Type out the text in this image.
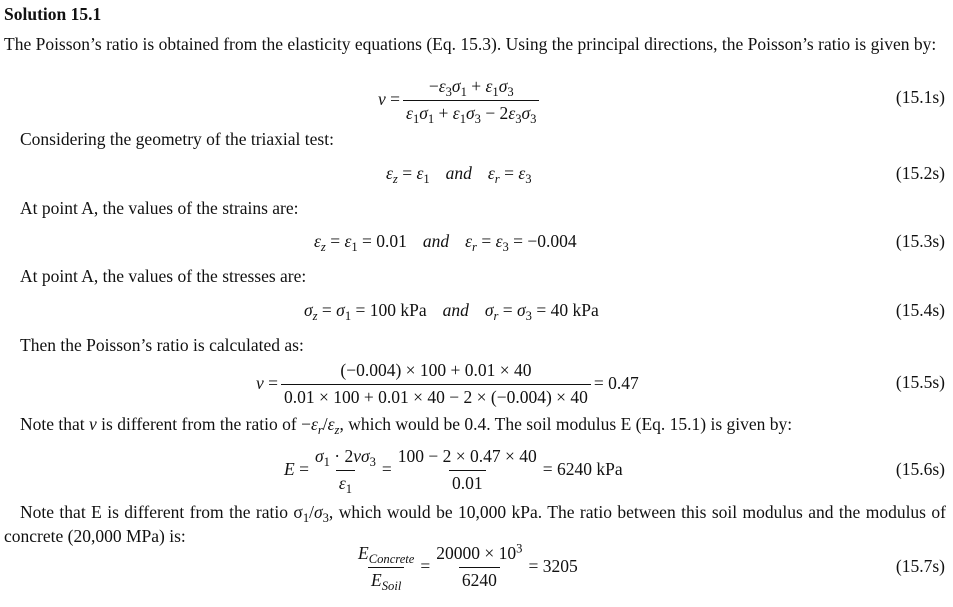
Solution 15.1
The Poisson’s ratio is obtained from the elasticity equations (Eq. 15.3). Using the principal directions, the Poisson’s ratio is given by:
$v = \frac{-\varepsilon_3\sigma_1 + \varepsilon_1\sigma_3}{\varepsilon_1\sigma_1 + \varepsilon_1\sigma_3 - 2\varepsilon_3\sigma_3}$	(15.1s)
Considering the geometry of the triaxial test:
$\varepsilon_z = \varepsilon_1$ and $\varepsilon_r = \varepsilon_3$	(15.2s)
At point A, the values of the strains are:
$\varepsilon_z = \varepsilon_1 = 0.01$ and $\varepsilon_r = \varepsilon_3 = -0.004$	(15.3s)
At point A, the values of the stresses are:
$\sigma_z = \sigma_1 = 100$ kPa and $\sigma_r = \sigma_3 = 40$ kPa	(15.4s)
Then the Poisson’s ratio is calculated as:
$v = \frac{(-0.004) \times 100 + 0.01 \times 40}{0.01 \times 100 + 0.01 \times 40 - 2 \times (-0.004) \times 40} = 0.47$	(15.5s)
Note that v is different from the ratio of $-\varepsilon_r/\varepsilon_z$, which would be 0.4. The soil modulus E (Eq. 15.1) is given by:
$E = \frac{\sigma_1 \cdot 2v\sigma_3}{\varepsilon_1} = \frac{100 - 2 \times 0.47 \times 40}{0.01} = 6240$ kPa	(15.6s)
Note that E is different from the ratio $\sigma_1/\sigma_3$, which would be 10,000 kPa. The ratio between this soil modulus and the modulus of concrete (20,000 MPa) is:
$\frac{E_{Concrete}}{E_{Soil}} = \frac{20000 \times 10^3}{6240} = 3205$	(15.7s)
